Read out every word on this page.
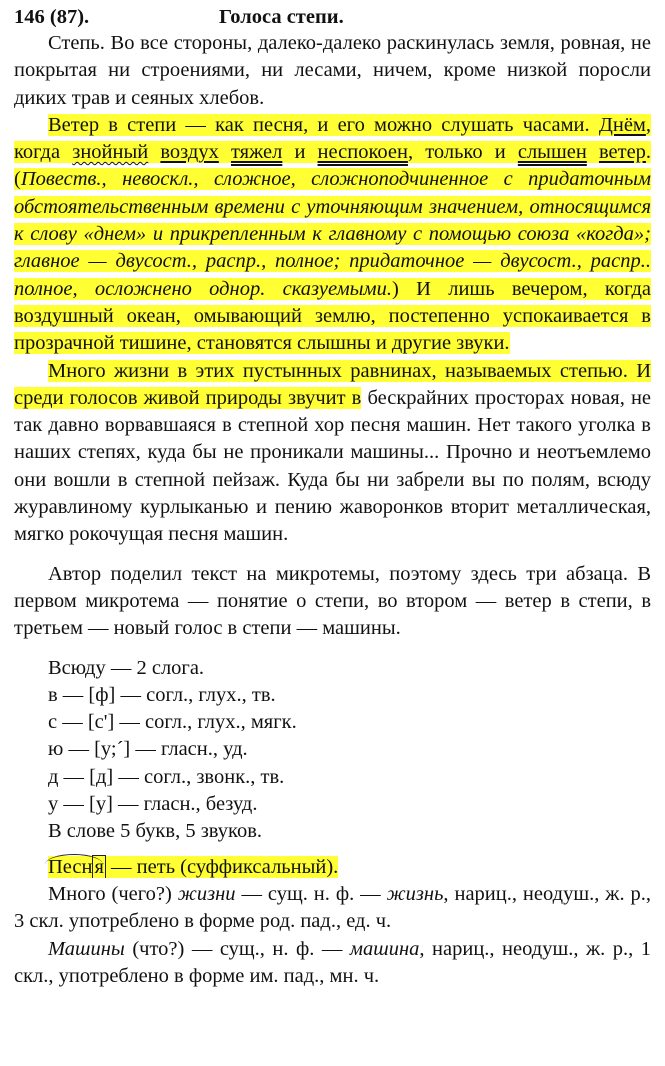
146 (87).	Голоса степи.

Степь. Во все стороны, далеко-далеко раскинулась земля, ровная, не покрытая ни строениями, ни лесами, ничем, кроме низкой поросли диких трав и сеяных хлебов.

Ветер в степи — как песня, и его можно слушать часами. Днём, когда знойный воздух тяжел и неспокоен, только и слышен ветер. (Повеств., невоскл., сложное, сложноподчиненное с придаточным обстоятельственным времени с уточняющим значением, относящимся к слову «днем» и прикрепленным к главному с помощью союза «когда»; главное — двусост., распр., полное; придаточное — двусост., распр.. полное, осложнено однор. сказуемыми.) И лишь вечером, когда воздушный океан, омывающий землю, постепенно успокаивается в прозрачной тишине, становятся слышны и другие звуки.

Много жизни в этих пустынных равнинах, называемых степью. И среди голосов живой природы звучит в бескрайних просторах новая, не так давно ворвавшаяся в степной хор песня машин. Нет такого уголка в наших степях, куда бы не проникали машины... Прочно и неотъемлемо они вошли в степной пейзаж. Куда бы ни забрели вы по полям, всюду журавлиному курлыканью и пению жаворонков вторит металлическая, мягко рокочущая песня машин.

Автор поделил текст на микротемы, поэтому здесь три абзаца. В первом микротема — понятие о степи, во втором — ветер в степи, в третьем — новый голос в степи — машины.

Всюду — 2 слога.
в — [ф] — согл., глух., тв.
с — [с'] — согл., глух., мягк.
ю — [у;´] — гласн., уд.
д — [д] — согл., звонк., тв.
у — [у] — гласн., безуд.
В слове 5 букв, 5 звуков.
Песня — петь (суффиксальный).

Много (чего?) жизни — сущ. н. ф. — жизнь, нариц., неодуш., ж. р., 3 скл. употреблено в форме род. пад., ед. ч.

Машины (что?) — сущ., н. ф. — машина, нариц., неодуш., ж. р., 1 скл., употреблено в форме им. пад., мн. ч.
